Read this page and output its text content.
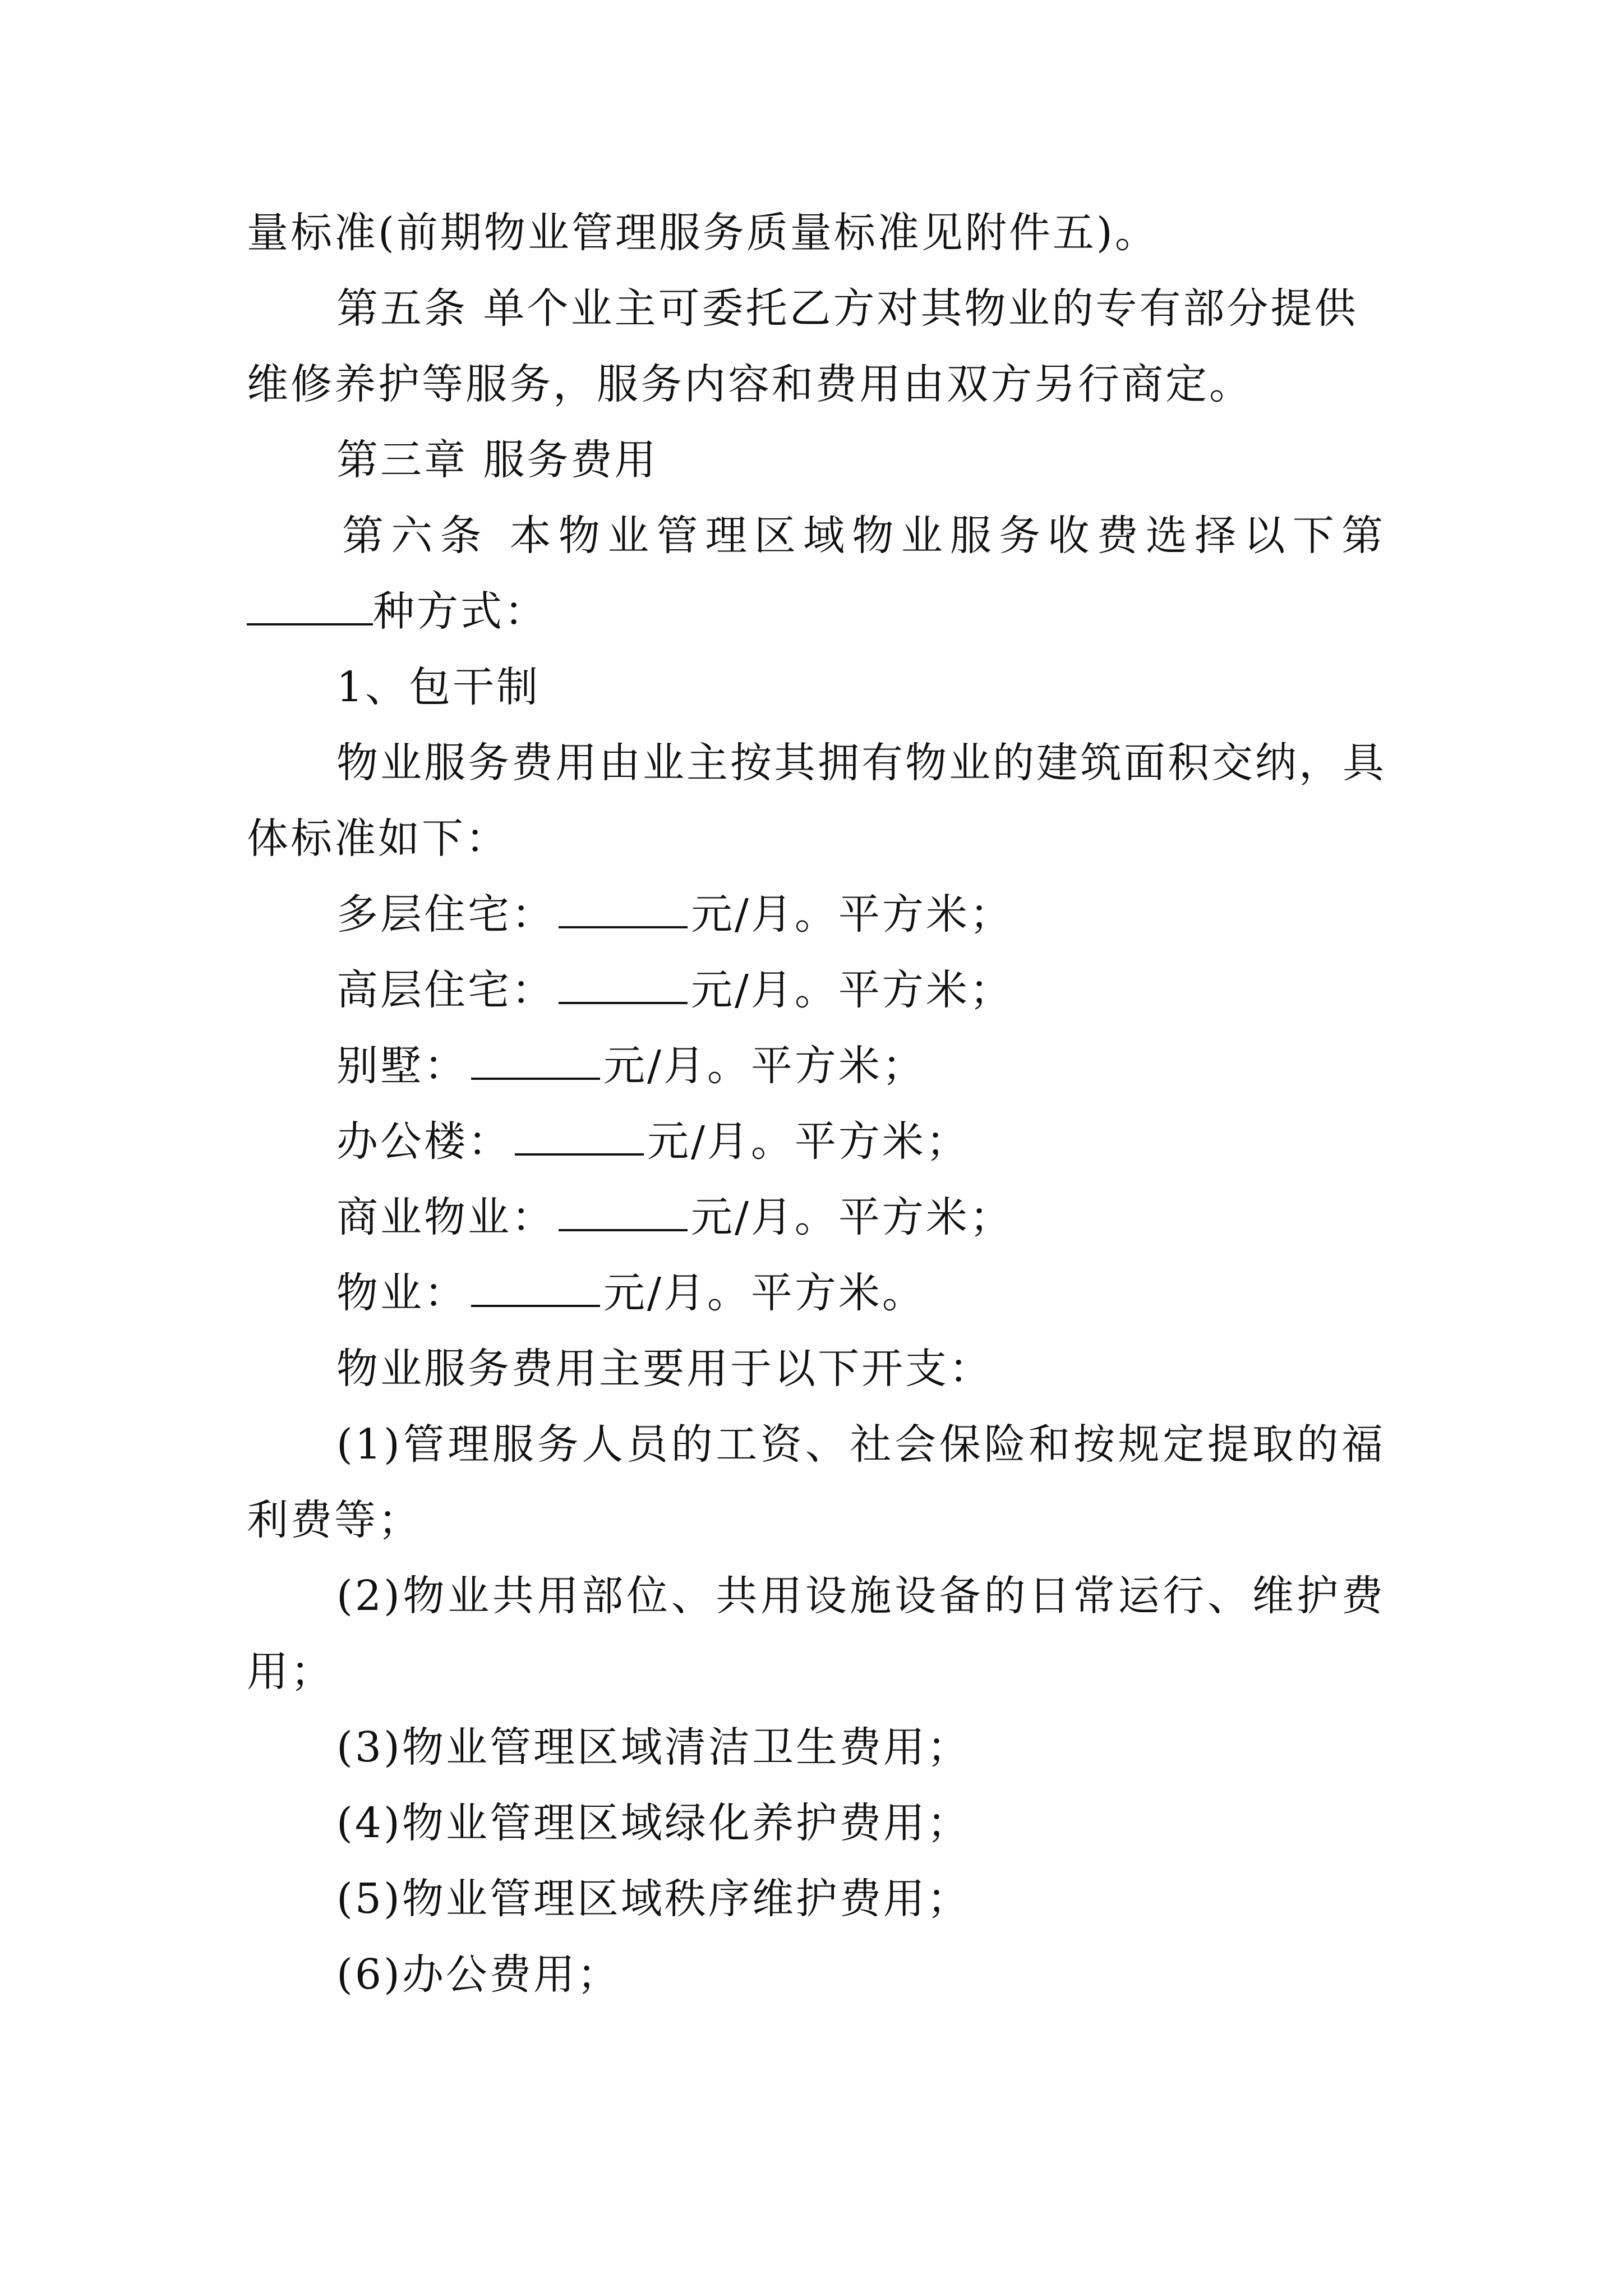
量标准(前期物业管理服务质量标准见附件五)。
第五条 单个业主可委托乙方对其物业的专有部分提供
维修养护等服务，服务内容和费用由双方另行商定。
第三章 服务费用
第六条 本物业管理区域物业服务收费选择以下第
种方式：
1、包干制
物业服务费用由业主按其拥有物业的建筑面积交纳，具
体标准如下：
多层住宅：	元/月。平方米；
高层住宅：	元/月。平方米；
别墅：	元/月。平方米；
办公楼：	元/月。平方米；
商业物业：	元/月。平方米；
物业：	元/月。平方米。
物业服务费用主要用于以下开支：
(1)管理服务人员的工资、社会保险和按规定提取的福
利费等；
(2)物业共用部位、共用设施设备的日常运行、维护费
用；
(3)物业管理区域清洁卫生费用；
(4)物业管理区域绿化养护费用；
(5)物业管理区域秩序维护费用；
(6)办公费用；
